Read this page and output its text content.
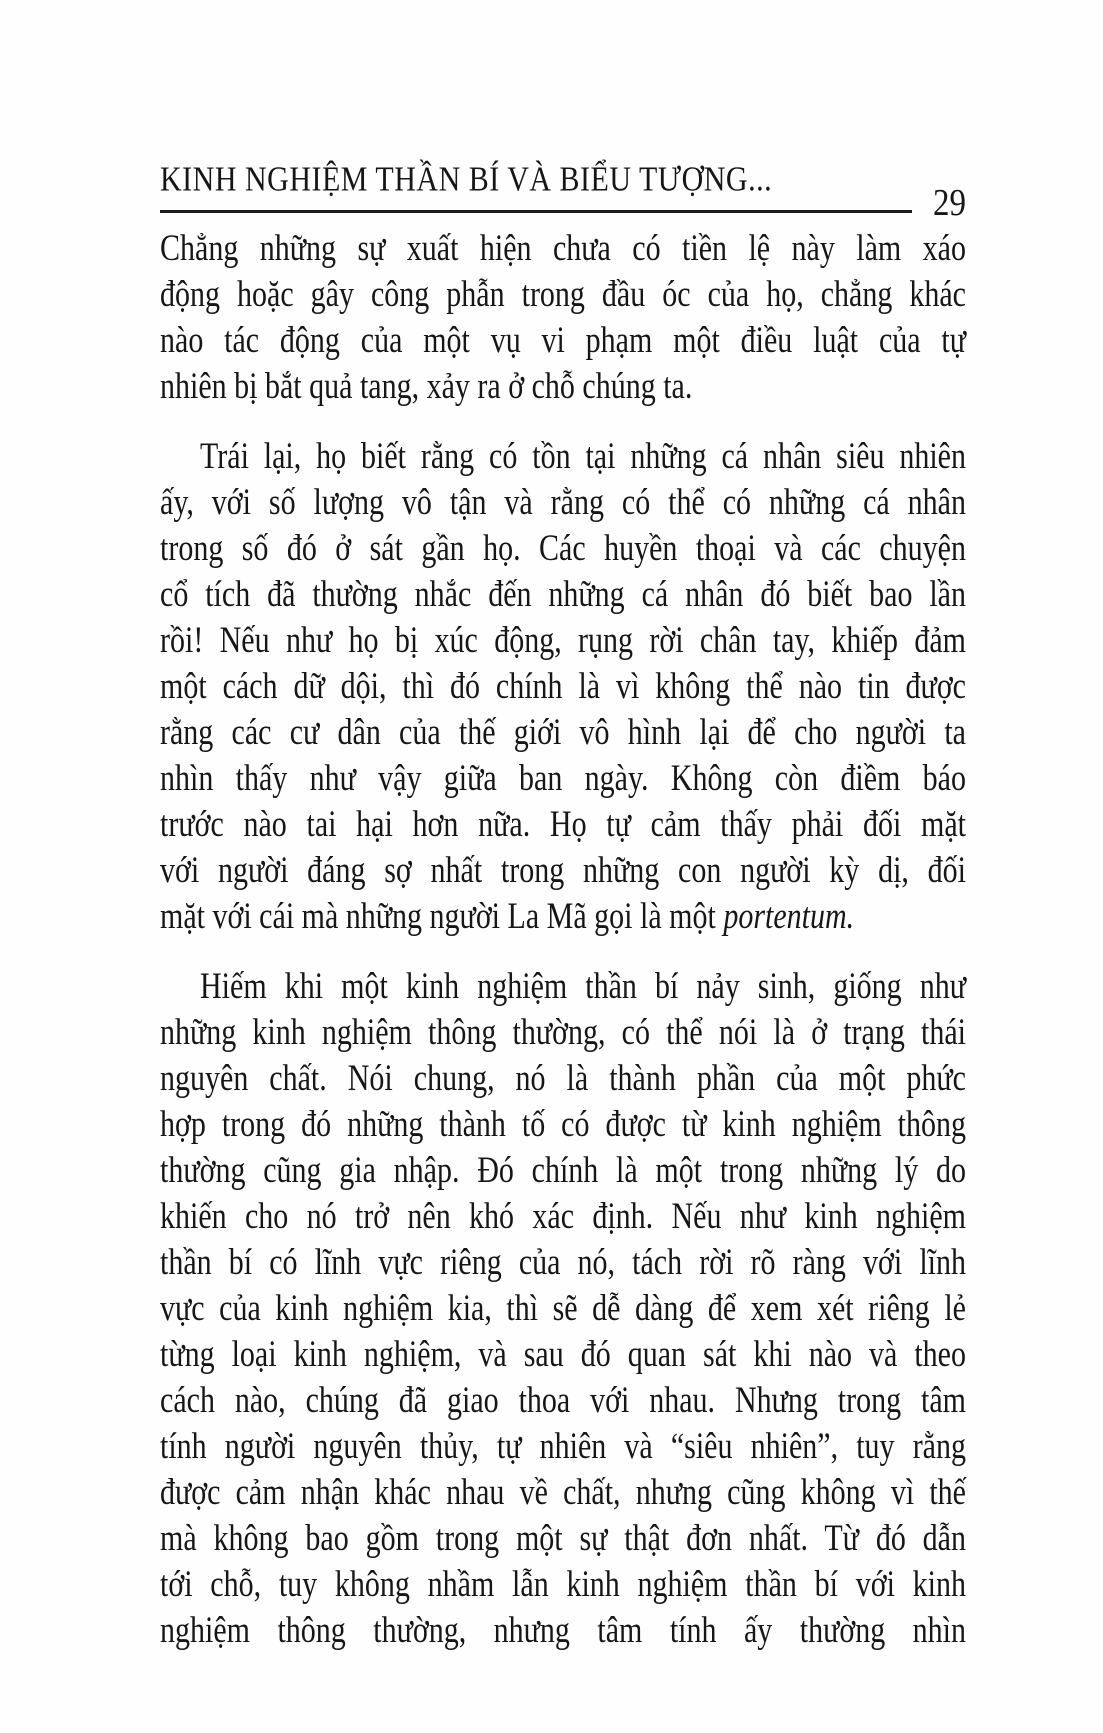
KINH NGHIỆM THẦN BÍ VÀ BIỂU TƯỢNG...
29
Chẳng những sự xuất hiện chưa có tiền lệ này làm xáo
động hoặc gây công phẫn trong đầu óc của họ, chẳng khác
nào tác động của một vụ vi phạm một điều luật của tự
nhiên bị bắt quả tang, xảy ra ở chỗ chúng ta.
Trái lại, họ biết rằng có tồn tại những cá nhân siêu nhiên
ấy, với số lượng vô tận và rằng có thể có những cá nhân
trong số đó ở sát gần họ. Các huyền thoại và các chuyện
cổ tích đã thường nhắc đến những cá nhân đó biết bao lần
rồi! Nếu như họ bị xúc động, rụng rời chân tay, khiếp đảm
một cách dữ dội, thì đó chính là vì không thể nào tin được
rằng các cư dân của thế giới vô hình lại để cho người ta
nhìn thấy như vậy giữa ban ngày. Không còn điềm báo
trước nào tai hại hơn nữa. Họ tự cảm thấy phải đối mặt
với người đáng sợ nhất trong những con người kỳ dị, đối
mặt với cái mà những người La Mã gọi là một portentum.
Hiếm khi một kinh nghiệm thần bí nảy sinh, giống như
những kinh nghiệm thông thường, có thể nói là ở trạng thái
nguyên chất. Nói chung, nó là thành phần của một phức
hợp trong đó những thành tố có được từ kinh nghiệm thông
thường cũng gia nhập. Đó chính là một trong những lý do
khiến cho nó trở nên khó xác định. Nếu như kinh nghiệm
thần bí có lĩnh vực riêng của nó, tách rời rõ ràng với lĩnh
vực của kinh nghiệm kia, thì sẽ dễ dàng để xem xét riêng lẻ
từng loại kinh nghiệm, và sau đó quan sát khi nào và theo
cách nào, chúng đã giao thoa với nhau. Nhưng trong tâm
tính người nguyên thủy, tự nhiên và “siêu nhiên”, tuy rằng
được cảm nhận khác nhau về chất, nhưng cũng không vì thế
mà không bao gồm trong một sự thật đơn nhất. Từ đó dẫn
tới chỗ, tuy không nhầm lẫn kinh nghiệm thần bí với kinh
nghiệm thông thường, nhưng tâm tính ấy thường nhìn
